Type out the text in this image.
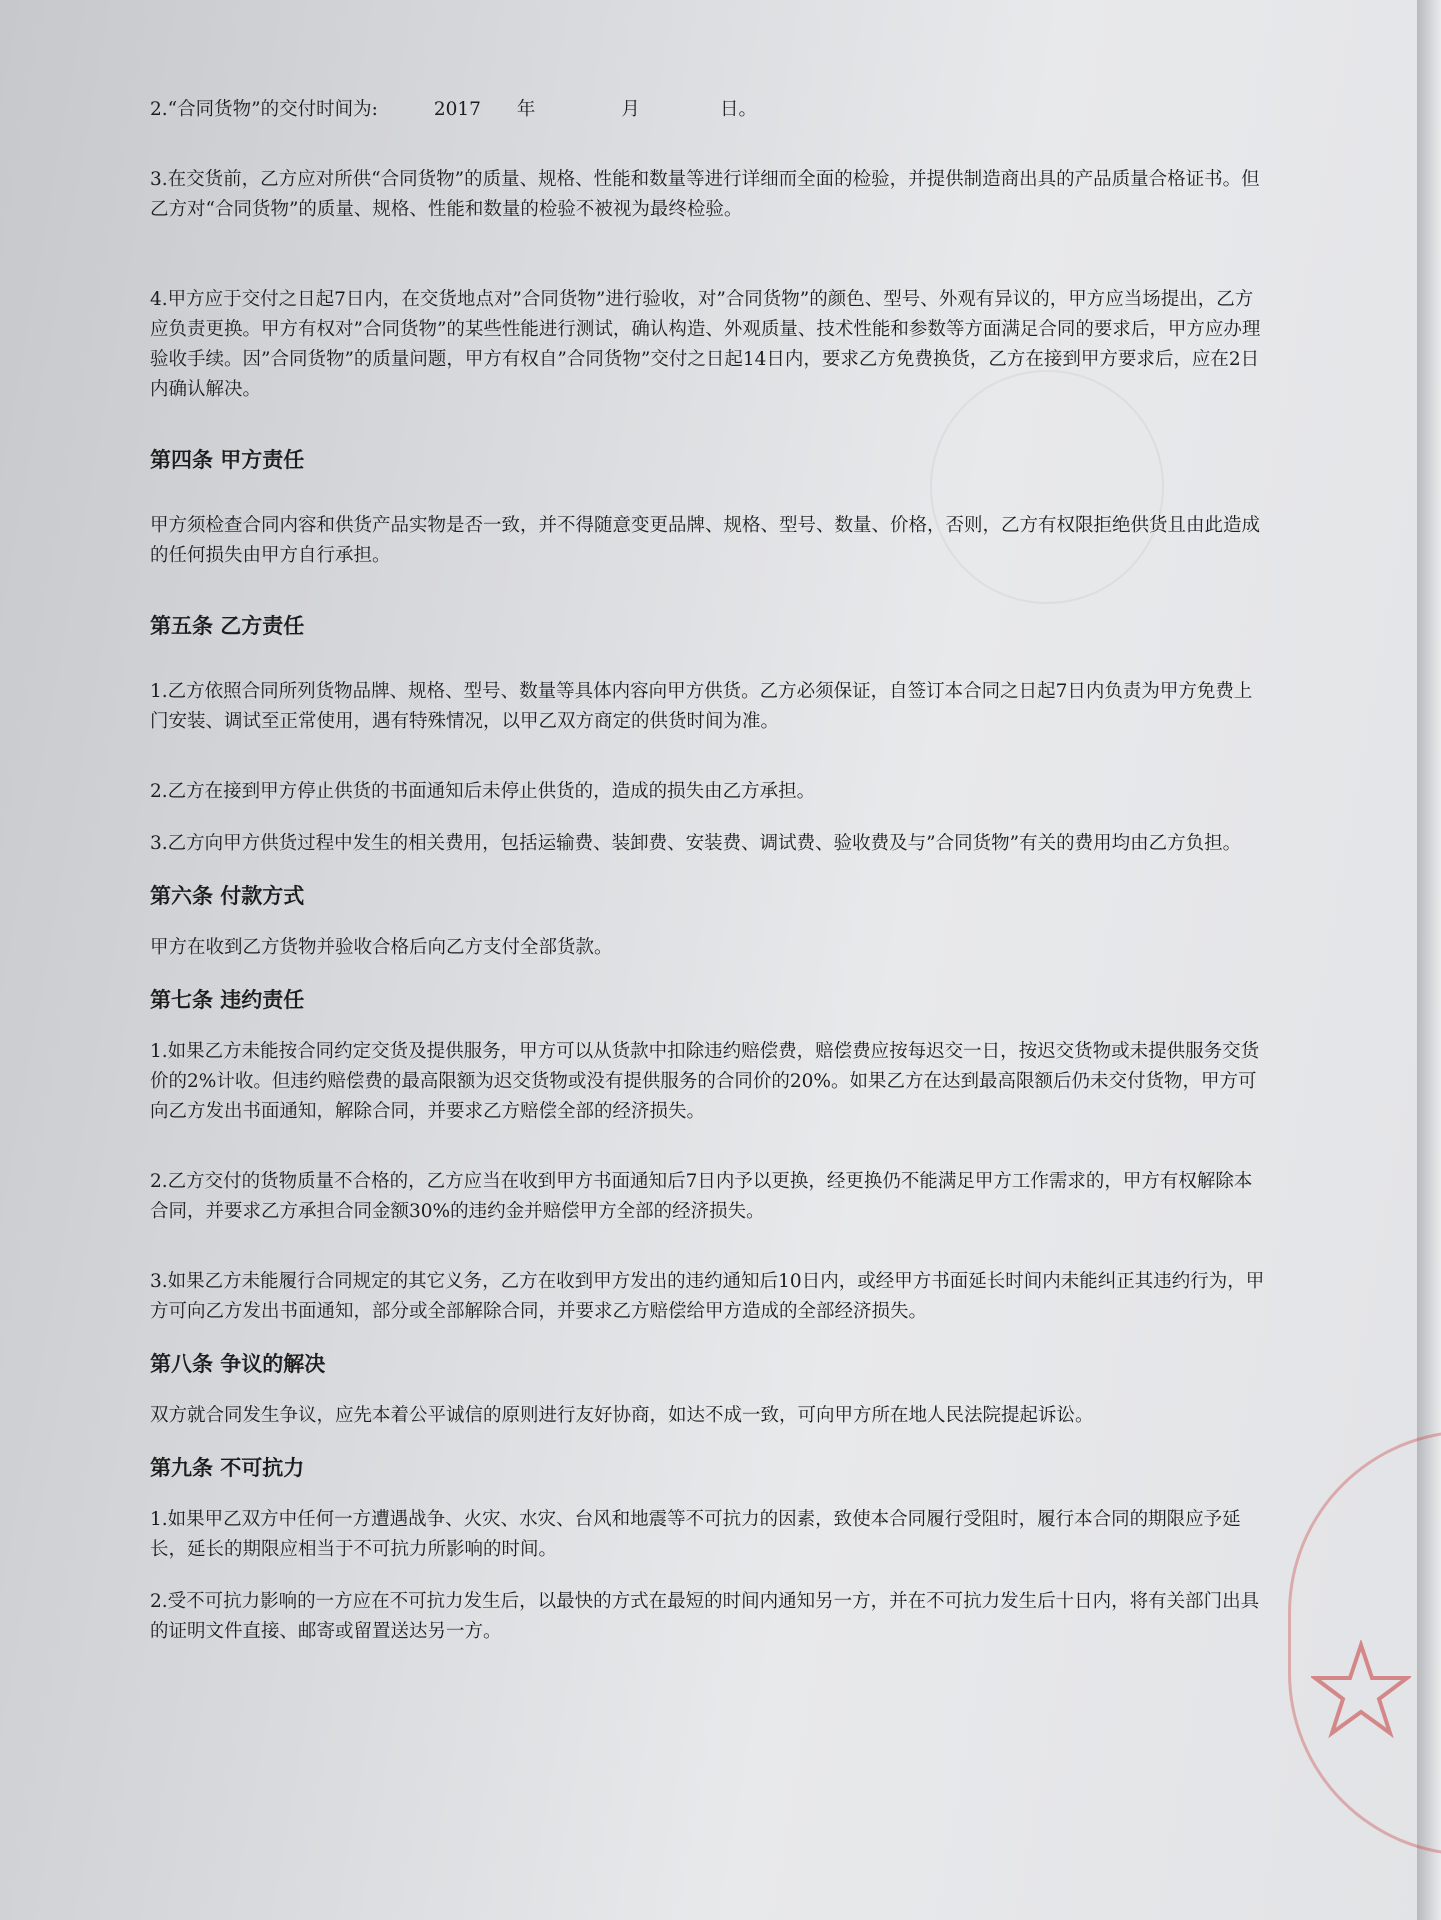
2.“合同货物”的交付时间为:	2017 年	月	日。

3.在交货前，乙方应对所供“合同货物”的质量、规格、性能和数量等进行详细而全面的检验，并提供制造商出具的产品质量合格证书。但乙方对“合同货物”的质量、规格、性能和数量的检验不被视为最终检验。

4.甲方应于交付之日起7日内，在交货地点对”合同货物”进行验收，对”合同货物”的颜色、型号、外观有异议的，甲方应当场提出，乙方应负责更换。甲方有权对”合同货物”的某些性能进行测试，确认构造、外观质量、技术性能和参数等方面满足合同的要求后，甲方应办理验收手续。因”合同货物”的质量问题，甲方有权自”合同货物”交付之日起14日内，要求乙方免费换货，乙方在接到甲方要求后，应在2日内确认解决。

第四条 甲方责任

甲方须检查合同内容和供货产品实物是否一致，并不得随意变更品牌、规格、型号、数量、价格，否则，乙方有权限拒绝供货且由此造成的任何损失由甲方自行承担。

第五条 乙方责任

1.乙方依照合同所列货物品牌、规格、型号、数量等具体内容向甲方供货。乙方必须保证，自签订本合同之日起7日内负责为甲方免费上门安装、调试至正常使用，遇有特殊情况，以甲乙双方商定的供货时间为准。

2.乙方在接到甲方停止供货的书面通知后未停止供货的，造成的损失由乙方承担。

3.乙方向甲方供货过程中发生的相关费用，包括运输费、装卸费、安装费、调试费、验收费及与”合同货物”有关的费用均由乙方负担。

第六条 付款方式

甲方在收到乙方货物并验收合格后向乙方支付全部货款。

第七条 违约责任

1.如果乙方未能按合同约定交货及提供服务，甲方可以从货款中扣除违约赔偿费，赔偿费应按每迟交一日，按迟交货物或未提供服务交货价的2%计收。但违约赔偿费的最高限额为迟交货物或没有提供服务的合同价的20%。如果乙方在达到最高限额后仍未交付货物，甲方可向乙方发出书面通知，解除合同，并要求乙方赔偿全部的经济损失。

2.乙方交付的货物质量不合格的，乙方应当在收到甲方书面通知后7日内予以更换，经更换仍不能满足甲方工作需求的，甲方有权解除本合同，并要求乙方承担合同金额30%的违约金并赔偿甲方全部的经济损失。

3.如果乙方未能履行合同规定的其它义务，乙方在收到甲方发出的违约通知后10日内，或经甲方书面延长时间内未能纠正其违约行为，甲方可向乙方发出书面通知，部分或全部解除合同，并要求乙方赔偿给甲方造成的全部经济损失。

第八条 争议的解决

双方就合同发生争议，应先本着公平诚信的原则进行友好协商，如达不成一致，可向甲方所在地人民法院提起诉讼。

第九条 不可抗力

1.如果甲乙双方中任何一方遭遇战争、火灾、水灾、台风和地震等不可抗力的因素，致使本合同履行受阻时，履行本合同的期限应予延长，延长的期限应相当于不可抗力所影响的时间。

2.受不可抗力影响的一方应在不可抗力发生后，以最快的方式在最短的时间内通知另一方，并在不可抗力发生后十日内，将有关部门出具的证明文件直接、邮寄或留置送达另一方。
